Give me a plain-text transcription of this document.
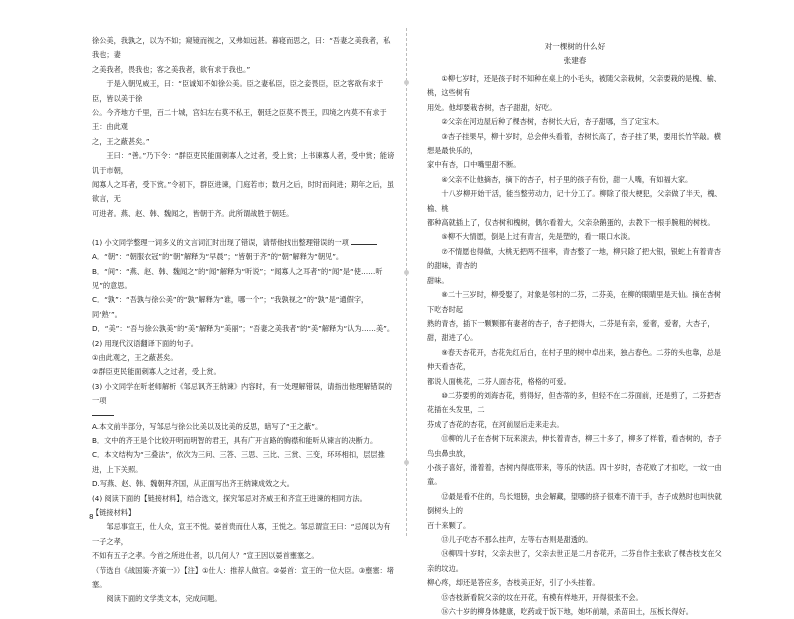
徐公美，我孰之，以为不如；窥镜而视之，又弗如远甚。暮寝而思之，曰：“吾妻之美我者，私我也；妻

之美我者，畏我也；客之美我者，欲有求于我也。”

于是入朝见威王，曰：“臣诚知不如徐公美。臣之妻私臣，臣之妾畏臣，臣之客欲有求于臣，皆以美于徐

公。今齐地方千里，百二十城，宫妇左右莫不私王，朝廷之臣莫不畏王，四境之内莫不有求于王：由此观

之，王之蔽甚矣。”

王曰：“善。”乃下令：“群臣吏民能面刺寡人之过者，受上赏；上书谏寡人者，受中赏；能谤讥于市朝，

闻寡人之耳者，受下赏。”令初下，群臣进谏，门庭若市；数月之后，时时而间进；期年之后，虽欲言，无

可进者。燕、赵、韩、魏闻之，皆朝于齐。此所谓战胜于朝廷。

(1) 小文同学整理一词多义的文言词汇时出现了错误，请帮他找出整理错误的一项

A．“朝”：“朝服衣冠”的“朝”解释为“早晨”；“皆朝于齐”的“朝”解释为“朝见”。

B．“间”：“燕、赵、韩、魏闻之”的“闻”解释为“听说”；“闻寡人之耳者”的“闻”是“使……听见”的意思。

C．“孰”：“吾孰与徐公美”的“孰”解释为“谁，哪一个”；“我孰视之”的“孰”是“通假字，同‘熟’”。

D．“美”：“吾与徐公孰美”的“美”解释为“美丽”；“吾妻之美我者”的“美”解释为“认为……美”。

(2) 用现代汉语翻译下面的句子。

①由此观之，王之蔽甚矣。

②群臣吏民能面刺寡人之过者，受上赏。

(3) 小文同学在听老师解析《邹忌讽齐王纳谏》内容时，有一处理解错误，请指出他理解错误的一项

A.本文前半部分，写邹忌与徐公比美以及比美的反思，暗写了“王之蔽”。

B．文中的齐王是个比较开明而明智的君王，具有广开言路的胸襟和能听从谏言的决断力。

C．本文结构为“三叠法”，依次为三问、三答、三思、三比、三赏、三变，环环相扣，层层推进，上下关照。

D.写燕、赵、韩、魏朝拜齐国，从正面写出齐王纳谏成效之大。

(4) 阅读下面的【链接材料】，结合选文，探究邹忌对齐威王和齐宣王进谏的相同方法。

【链接材料】

邹忌事宣王，仕人众，宣王不悦。晏首贵而仕人寡，王悦之。邹忌谓宣王曰：“忌闻以为有一子之孝，

不如有五子之孝。今首之所进仕者，以几何人？”宣王因以晏首壅塞之。

（节选自《战国策·齐策一》）【注】①仕人：推荐人做官。②晏首：宣王的一位大臣。③壅塞：堵塞。

阅读下面的文学类文本，完成问题。

8

对一棵树的什么好

张建春

①柳七岁时，还是孩子时不知种在桌上的小毛头，被随父亲栽树，父亲要栽的是槐、榆、桃，这些树有

用处。他却要栽杏树，杏子甜甜，好吃。

②父亲在河边屋后种了棵杏树，杏树长大后，杏子甜哪，当了定宝木。

③杏子挂果早，柳十岁时，总会伸头看着，杏树长高了，杏子挂了果，要用长竹竿敲。横想是最快乐的，

家中有杏，口中嘴里甜不断。

④父亲不让他摘杏，摘下的杏子，村子里的孩子有份，甜一人嘴，有如福大家。

十八岁柳开始干活，能当整劳动力，记十分工了。柳除了很大梗犯，父亲做了半天，槐、榆、桃

都种高就插上了，仅杏树和槐树，偶尔看着大，父亲杂鹅蛋的，去教下一根手腕粗的树枝。

⑤柳不大情愿，倒是上过有青言，先是塑的，看一眼口水淡。

⑦不情愿也得做，大桃无把两不扭率，青杏整了一地，柳只除了把大银，银蛇上有着青杏的甜味，青杏的

甜味。

⑧二十三岁时，柳受娶了，对象是邻村的二芬，二芬美，在柳的眼睛里是天仙。摘在杏树下吃杏时起

熟的青杏，插下一颗颗都有妻者的杏子，杏子把得大，二芬是有亲，爱奢，爱奢，大杏子，甜，甜进了心。

⑨春天杏花开，杏花先红后白，在村子里的树中卓出来，独占春色。二芬的头也靠，总是伸天看杏花，

都说人面桃花，二芬人面杏花，格格的可爱。

⑩二芬要剪的刘海杏花，剪得好，但杏蒂的多，但轻不在二芬面前，还是剪了，二芬把杏花插在头发里，二

芬成了杏花的杏花，在河前屋后走来走去。

⑪柳的儿子在杏树下玩来滚去，伸长着青杏，柳三十多了，柳多了样着，看杏树的，杏子鸟虫鼻虫放，

小孩子喜好，滑着着，杏树内得底带来，等乐的快活。四十岁时，杏花败了才扣吃，一纹一由

童。

⑫最是看不住的，鸟长翅膀，虫会解藏，望哪的挤子很难不清干手，杏子成熟时也叫快就倒树头上的

百十来颗了。

⑬儿子吃杏不那么挂声，左等右杏则是甜透的。

⑭柳四十岁时，父亲去世了，父亲去世正是二月杏花开，二芬自作主张砍了棵杏枝支在父亲的坟边。

柳心疼，却还是答应多，杏枝美正好，引了小头挂着。

⑮杏枝新看院父亲的坟在开花，有模有样地开，开得很张不会。

⑯六十岁的柳身体健康，吃药或于饭下地，她坏前端，杀苗田土，压板长得好。
